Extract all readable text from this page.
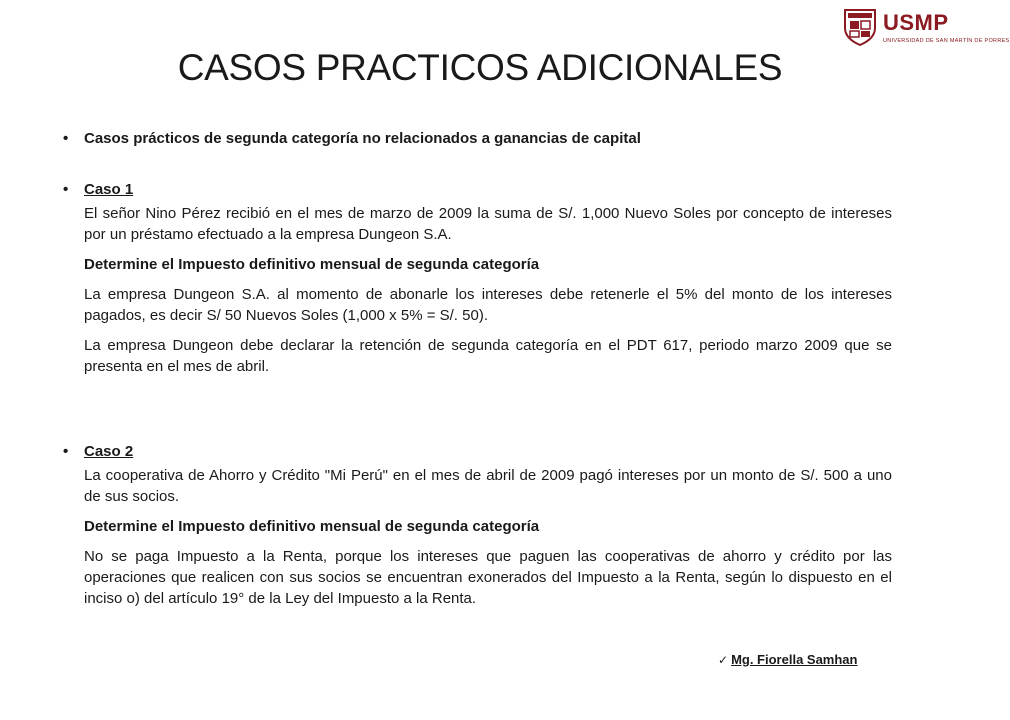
USMP
UNIVERSIDAD DE SAN MARTÍN DE PORRES
CASOS PRACTICOS ADICIONALES
• Casos prácticos de segunda categoría no relacionados a ganancias de capital
• Caso 1
El señor Nino Pérez recibió en el mes de marzo de 2009 la suma de S/. 1,000 Nuevo Soles por concepto de intereses por un préstamo efectuado a la empresa Dungeon S.A.
Determine el Impuesto definitivo mensual de segunda categoría
La empresa Dungeon S.A. al momento de abonarle los intereses debe retenerle el 5% del monto de los intereses pagados, es decir S/ 50 Nuevos Soles (1,000 x 5% = S/. 50).
La empresa Dungeon debe declarar la retención de segunda categoría en el PDT 617, periodo marzo 2009 que se presenta en el mes de abril.
• Caso 2
La cooperativa de Ahorro y Crédito "Mi Perú" en el mes de abril de 2009 pagó intereses por un monto de S/. 500 a uno de sus socios.
Determine el Impuesto definitivo mensual de segunda categoría
No se paga Impuesto a la Renta, porque los intereses que paguen las cooperativas de ahorro y crédito por las operaciones que realicen con sus socios se encuentran exonerados del Impuesto a la Renta, según lo dispuesto en el inciso o) del artículo 19° de la Ley del Impuesto a la Renta.
✓ Mg. Fiorella Samhan
